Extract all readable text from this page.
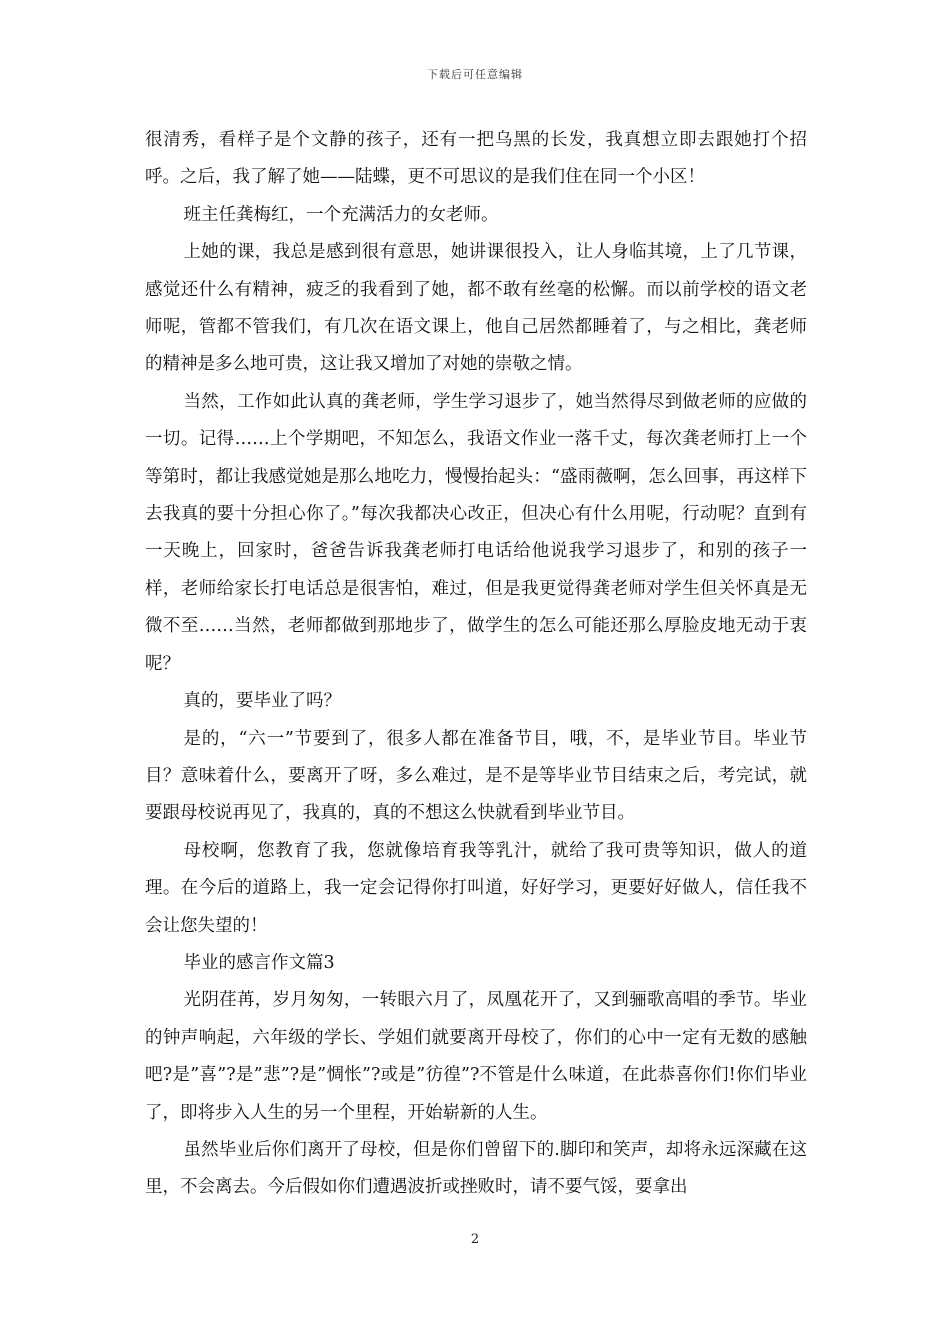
下载后可任意编辑

很清秀，看样子是个文静的孩子，还有一把乌黑的长发，我真想立即去跟她打个招呼。之后，我了解了她——陆蝶，更不可思议的是我们住在同一个小区！

班主任龚梅红，一个充满活力的女老师。

上她的课，我总是感到很有意思，她讲课很投入，让人身临其境，上了几节课，感觉还什么有精神，疲乏的我看到了她，都不敢有丝毫的松懈。而以前学校的语文老师呢，管都不管我们，有几次在语文课上，他自己居然都睡着了，与之相比，龚老师的精神是多么地可贵，这让我又增加了对她的崇敬之情。

当然，工作如此认真的龚老师，学生学习退步了，她当然得尽到做老师的应做的一切。记得……上个学期吧，不知怎么，我语文作业一落千丈，每次龚老师打上一个等第时，都让我感觉她是那么地吃力，慢慢抬起头：“盛雨薇啊，怎么回事，再这样下去我真的要十分担心你了。”每次我都决心改正，但决心有什么用呢，行动呢？直到有一天晚上，回家时，爸爸告诉我龚老师打电话给他说我学习退步了，和别的孩子一样，老师给家长打电话总是很害怕，难过，但是我更觉得龚老师对学生但关怀真是无微不至……当然，老师都做到那地步了，做学生的怎么可能还那么厚脸皮地无动于衷呢？

真的，要毕业了吗？

是的，“六一”节要到了，很多人都在准备节目，哦，不，是毕业节目。毕业节目？意味着什么，要离开了呀，多么难过，是不是等毕业节目结束之后，考完试，就要跟母校说再见了，我真的，真的不想这么快就看到毕业节目。

母校啊，您教育了我，您就像培育我等乳汁，就给了我可贵等知识，做人的道理。在今后的道路上，我一定会记得你打叫道，好好学习，更要好好做人，信任我不会让您失望的！

毕业的感言作文篇3

光阴荏苒，岁月匆匆，一转眼六月了，凤凰花开了，又到骊歌高唱的季节。毕业的钟声响起，六年级的学长、学姐们就要离开母校了，你们的心中一定有无数的感触吧?是”喜”?是”悲”?是”惆怅”?或是”彷徨”?不管是什么味道，在此恭喜你们!你们毕业了，即将步入人生的另一个里程，开始崭新的人生。

虽然毕业后你们离开了母校，但是你们曾留下的.脚印和笑声，却将永远深藏在这里，不会离去。今后假如你们遭遇波折或挫败时，请不要气馁，要拿出

2
